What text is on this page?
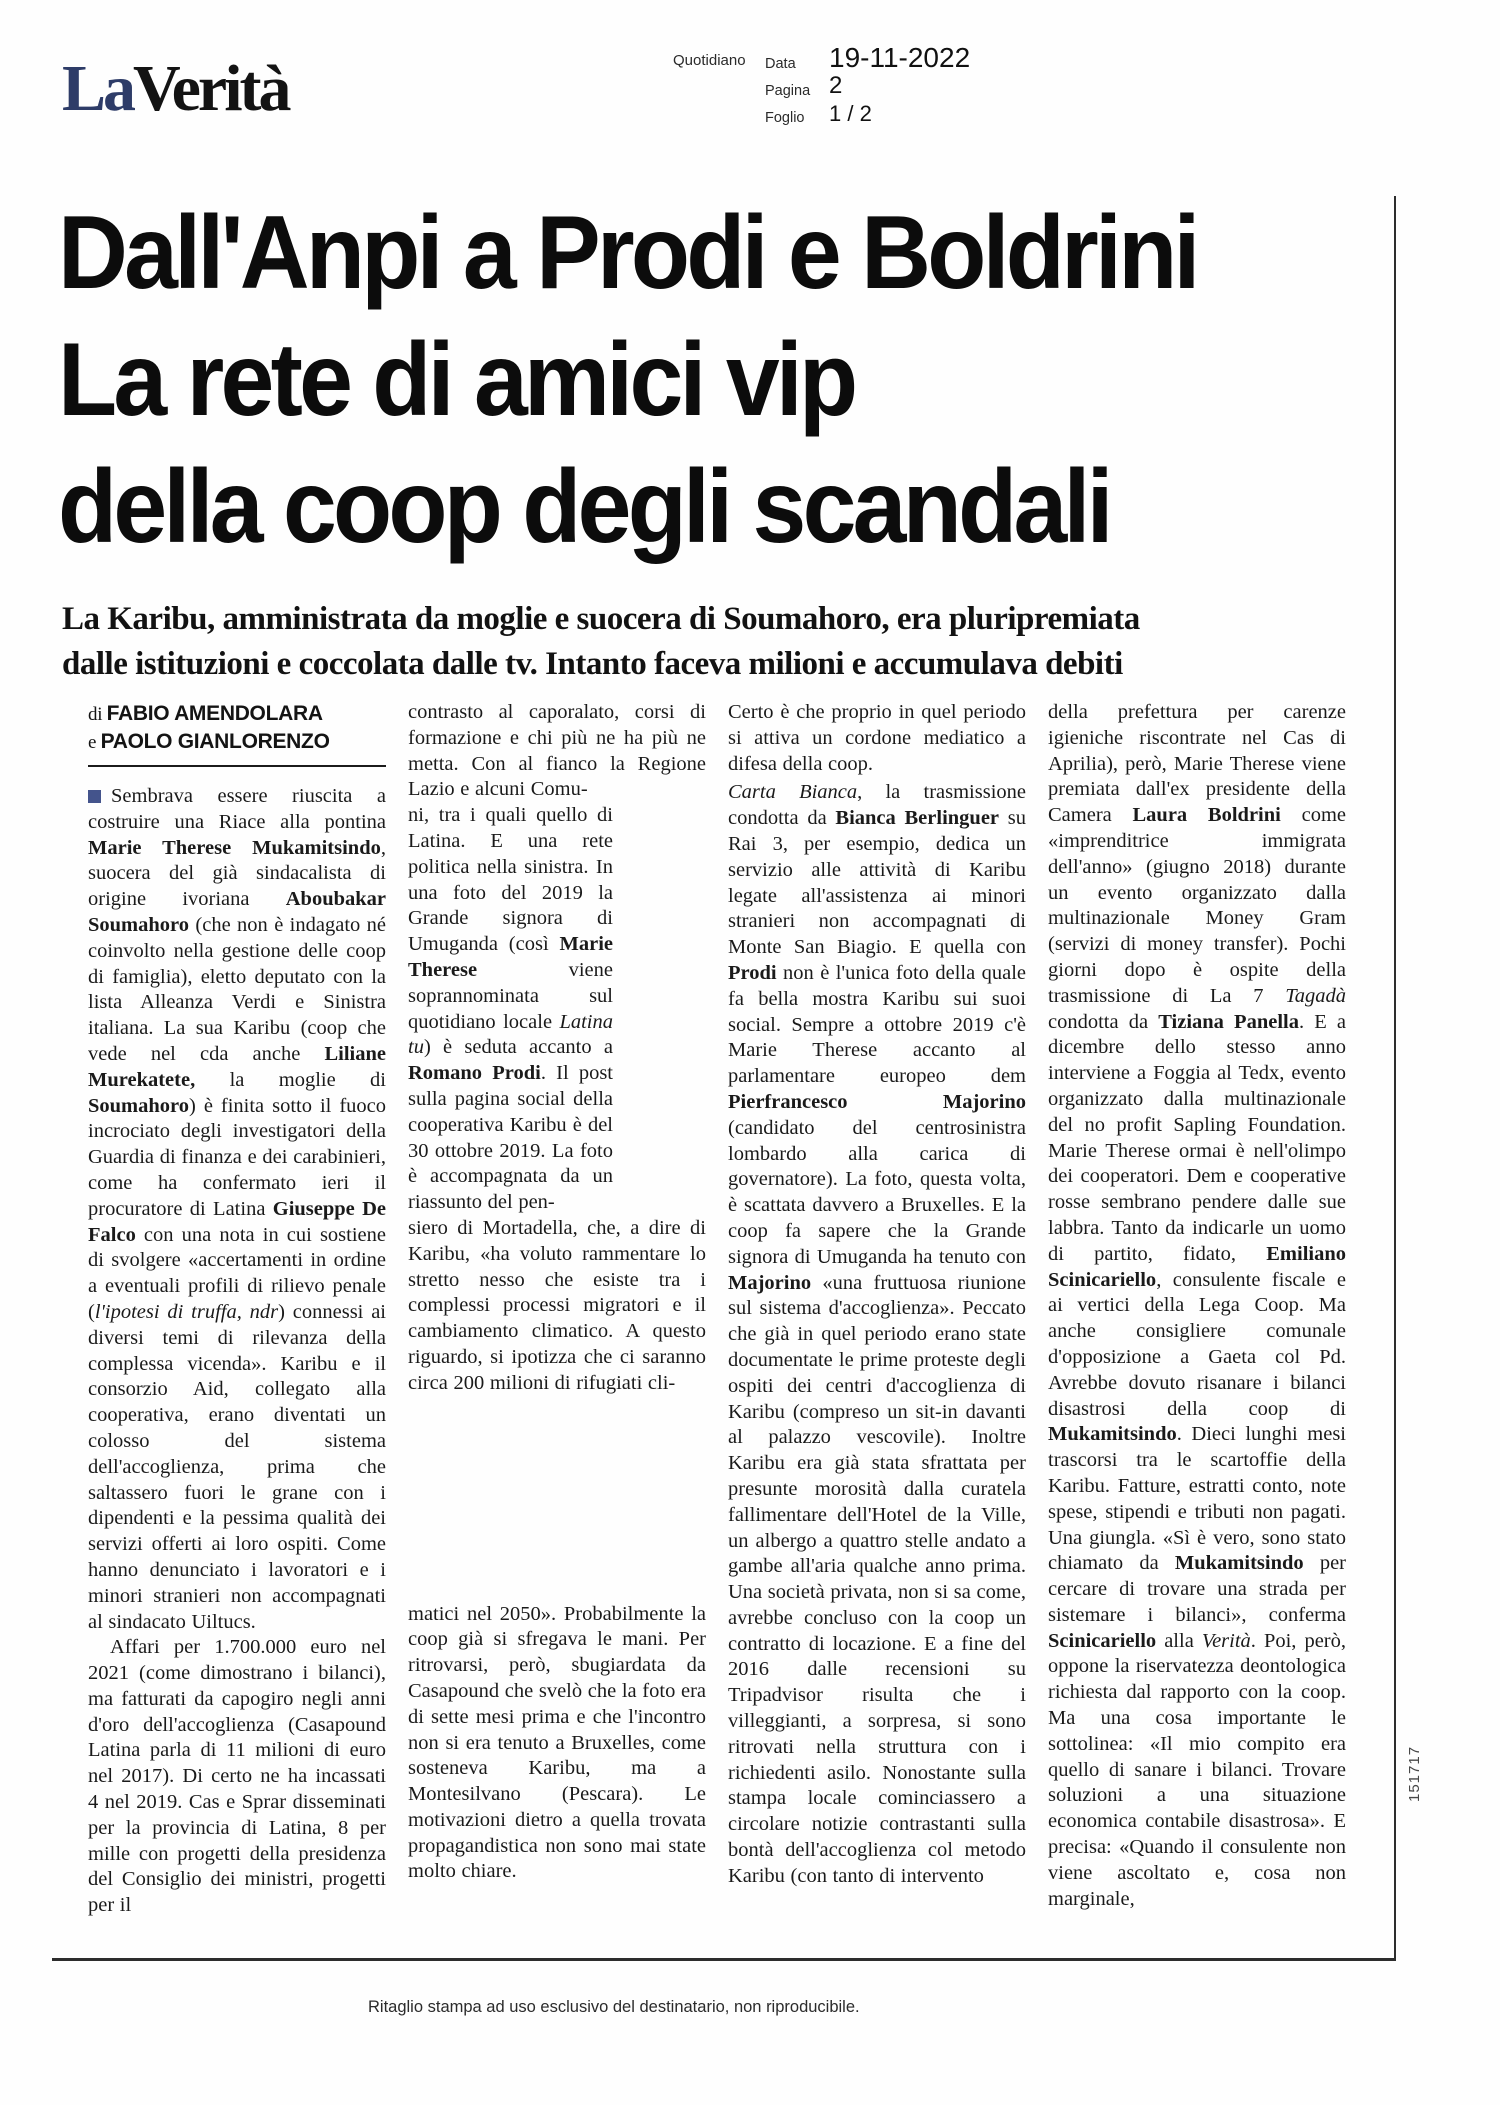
LaVerità	Quotidiano Data 19-11-2022
Pagina 2
Foglio 1 / 2
Dall'Anpi a Prodi e Boldrini
La rete di amici vip
della coop degli scandali
La Karibu, amministrata da moglie e suocera di Soumahoro, era pluripremiata
dalle istituzioni e coccolata dalle tv. Intanto faceva milioni e accumulava debiti
di FABIO AMENDOLARA
e PAOLO GIANLORENZO

Sembrava essere riuscita a costruire una Riace alla pontina Marie Therese Mukamitsindo, suocera del già sindacalista di origine ivoriana Aboubakar Soumahoro (che non è indagato né coinvolto nella gestione delle coop di famiglia), eletto deputato con la lista Alleanza Verdi e Sinistra italiana. La sua Karibu (coop che vede nel cda anche Liliane Murekatete, la moglie di Soumahoro) è finita sotto il fuoco incrociato degli investigatori della Guardia di finanza e dei carabinieri, come ha confermato ieri il procuratore di Latina Giuseppe De Falco con una nota in cui sostiene di svolgere «accertamenti in ordine a eventuali profili di rilievo penale (l'ipotesi di truffa, ndr) connessi ai diversi temi di rilevanza della complessa vicenda». Karibu e il consorzio Aid, collegato alla cooperativa, erano diventati un colosso del sistema dell'accoglienza, prima che saltassero fuori le grane con i dipendenti e la pessima qualità dei servizi offerti ai loro ospiti. Come hanno denunciato i lavoratori e i minori stranieri non accompagnati al sindacato Uiltucs.

Affari per 1.700.000 euro nel 2021 (come dimostrano i bilanci), ma fatturati da capogiro negli anni d'oro dell'accoglienza (Casapound Latina parla di 11 milioni di euro nel 2017). Di certo ne ha incassati 4 nel 2019. Cas e Sprar disseminati per la provincia di Latina, 8 per mille con progetti della presidenza del Consiglio dei ministri, progetti per il

contrasto al caporalato, corsi di formazione e chi più ne ha più ne metta. Con al fianco la Regione Lazio e alcuni Comu-

ni, tra i quali quello di Latina. E una rete politica nella sinistra. In una foto del 2019 la Grande signora di Umuganda (così Marie Therese viene soprannominata sul quotidiano locale Latina tu) è seduta accanto a Romano Prodi. Il post sulla pagina social della cooperativa Karibu è del 30 ottobre 2019. La foto è accompagnata da un riassunto del pen-

siero di Mortadella, che, a dire di Karibu, «ha voluto rammentare lo stretto nesso che esiste tra i complessi processi migratori e il cambiamento climatico. A questo riguardo, si ipotizza che ci saranno circa 200 milioni di rifugiati cli-

matici nel 2050». Probabilmente la coop già si sfregava le mani. Per ritrovarsi, però, sbugiardata da Casapound che svelò che la foto era di sette mesi prima e che l'incontro non si era tenuto a Bruxelles, come sosteneva Karibu, ma a Montesilvano (Pescara). Le motivazioni dietro a quella trovata propagandistica non sono mai state molto chiare.

Certo è che proprio in quel periodo si attiva un cordone mediatico a difesa della coop.

Carta Bianca, la trasmissione condotta da Bianca Berlinguer su Rai 3, per esempio, dedica un servizio alle attività di Karibu legate all'assistenza ai minori stranieri non accompagnati di Monte San Biagio. E quella con Prodi non è l'unica foto della quale fa bella mostra Karibu sui suoi social. Sempre a ottobre 2019 c'è Marie Therese accanto al parlamentare europeo dem Pierfrancesco Majorino (candidato del centrosinistra lombardo alla carica di governatore). La foto, questa volta, è scattata davvero a Bruxelles. E la coop fa sapere che la Grande signora di Umuganda ha tenuto con Majorino «una fruttuosa riunione sul sistema d'accoglienza». Peccato che già in quel periodo erano state documentate le prime proteste degli ospiti dei centri d'accoglienza di Karibu (compreso un sit-in davanti al palazzo vescovile). Inoltre Karibu era già stata sfrattata per presunte morosità dalla curatela fallimentare dell'Hotel de la Ville, un albergo a quattro stelle andato a gambe all'aria qualche anno prima. Una società privata, non si sa come, avrebbe concluso con la coop un contratto di locazione. E a fine del 2016 dalle recensioni su Tripadvisor risulta che i villeggianti, a sorpresa, si sono ritrovati nella struttura con i richiedenti asilo. Nonostante sulla stampa locale cominciassero a circolare notizie contrastanti sulla bontà dell'accoglienza col metodo Karibu (con tanto di intervento

della prefettura per carenze igieniche riscontrate nel Cas di Aprilia), però, Marie Therese viene premiata dall'ex presidente della Camera Laura Boldrini come «imprenditrice immigrata dell'anno» (giugno 2018) durante un evento organizzato dalla multinazionale Money Gram (servizi di money transfer). Pochi giorni dopo è ospite della trasmissione di La 7 Tagadà condotta da Tiziana Panella. E a dicembre dello stesso anno interviene a Foggia al Tedx, evento organizzato dalla multinazionale del no profit Sapling Foundation. Marie Therese ormai è nell'olimpo dei cooperatori. Dem e cooperative rosse sembrano pendere dalle sue labbra. Tanto da indicarle un uomo di partito, fidato, Emiliano Scinicariello, consulente fiscale e ai vertici della Lega Coop. Ma anche consigliere comunale d'opposizione a Gaeta col Pd. Avrebbe dovuto risanare i bilanci disastrosi della coop di Mukamitsindo. Dieci lunghi mesi trascorsi tra le scartoffie della Karibu. Fatture, estratti conto, note spese, stipendi e tributi non pagati. Una giungla. «Sì è vero, sono stato chiamato da Mukamitsindo per cercare di trovare una strada per sistemare i bilanci», conferma Scinicariello alla Verità. Poi, però, oppone la riservatezza deontologica richiesta dal rapporto con la coop. Ma una cosa importante le sottolinea: «Il mio compito era quello di sanare i bilanci. Trovare soluzioni a una situazione economica contabile disastrosa». E precisa: «Quando il consulente non viene ascoltato e, cosa non marginale,

Ritaglio stampa ad uso esclusivo del destinatario, non riproducibile.
151717
